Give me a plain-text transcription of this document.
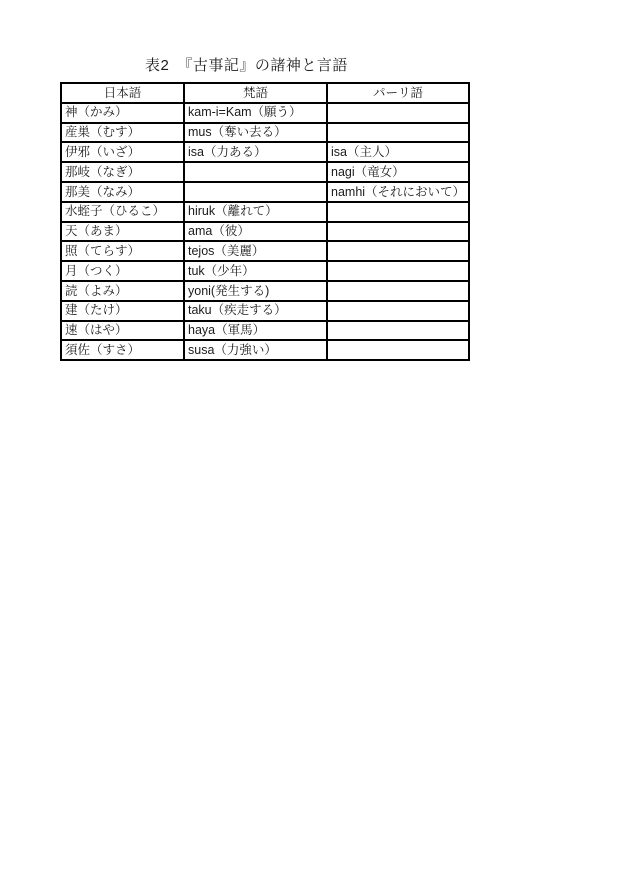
表2　『古事記』の諸神と言語
日本語	梵語	パーリ語
神（かみ）	kam-i=Kam（願う）	
産巣（むす）	mus（奪い去る）	
伊邪（いざ）	isa（力ある）	isa（主人）
那岐（なぎ）		nagi（竜女）
那美（なみ）		namhi（それにおいて）
水蛭子（ひるこ）	hiruk（離れて）	
天（あま）	ama（彼）	
照（てらす）	tejos（美麗）	
月（つく）	tuk（少年）	
読（よみ）	yoni(発生する)	
建（たけ）	taku（疾走する）	
速（はや）	haya（軍馬）	
須佐（すさ）	susa（力強い）	
